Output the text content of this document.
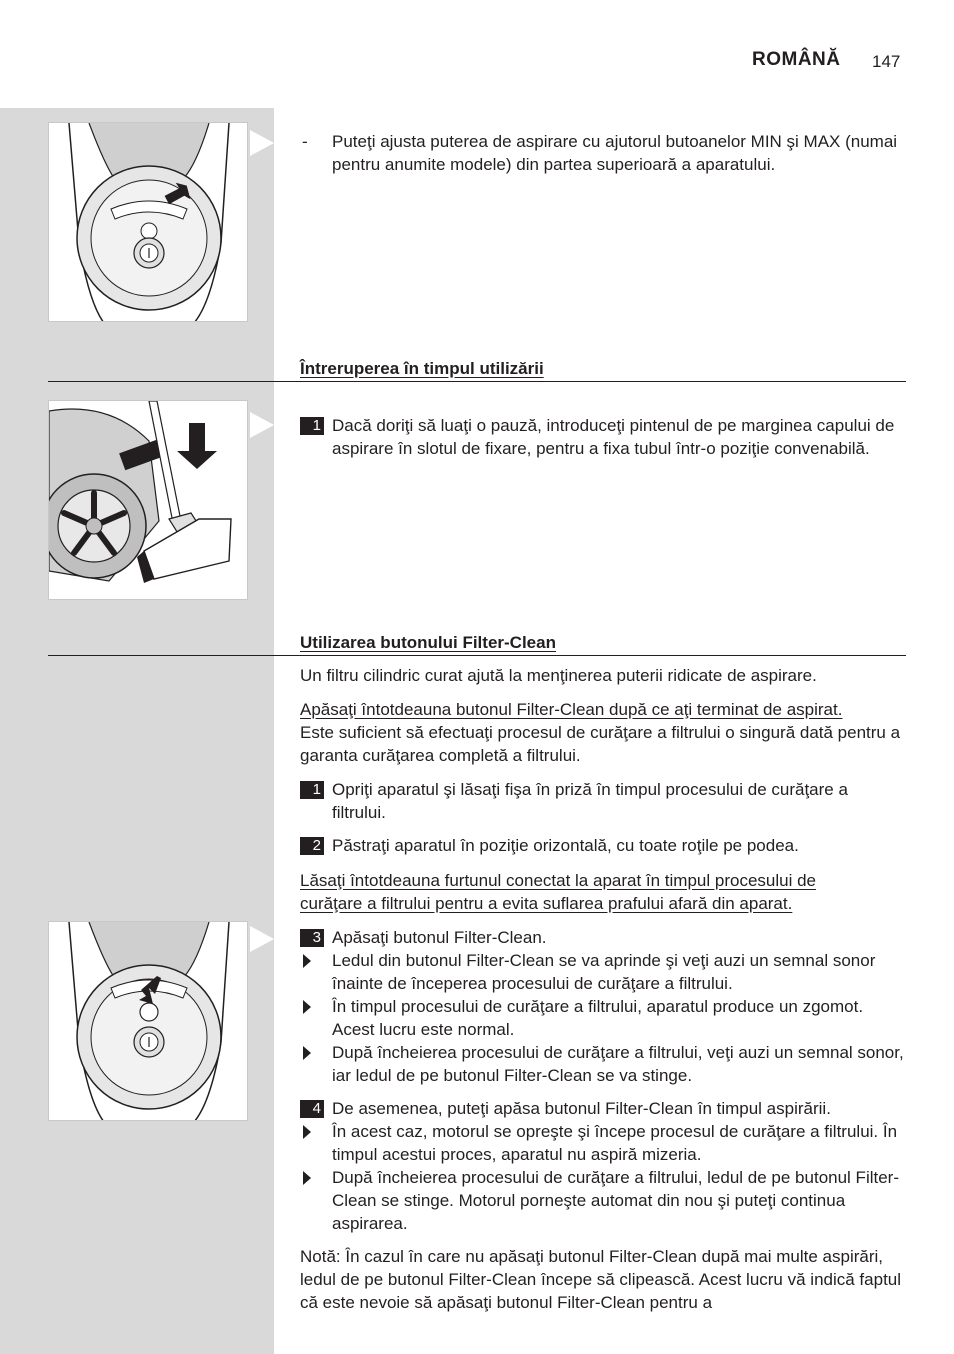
ROMÂNĂ 147
- Puteţi ajusta puterea de aspirare cu ajutorul butoanelor MIN şi MAX (numai pentru anumite modele) din partea superioară a aparatului.

Întreruperea în timpul utilizării
1 Dacă doriţi să luaţi o pauză, introduceţi pintenul de pe marginea capului de aspirare în slotul de fixare, pentru a fixa tubul într-o poziţie convenabilă.

Utilizarea butonului Filter-Clean

Un filtru cilindric curat ajută la menţinerea puterii ridicate de aspirare.

Apăsaţi întotdeauna butonul Filter-Clean după ce aţi terminat de aspirat.
Este suficient să efectuaţi procesul de curăţare a filtrului o singură dată pentru a garanta curăţarea completă a filtrului.

1 Opriţi aparatul şi lăsaţi fişa în priză în timpul procesului de curăţare a filtrului.

2 Păstraţi aparatul în poziţie orizontală, cu toate roţile pe podea.

Lăsaţi întotdeauna furtunul conectat la aparat în timpul procesului de curăţare a filtrului pentru a evita suflarea prafului afară din aparat.

3 Apăsaţi butonul Filter-Clean.

Ledul din butonul Filter-Clean se va aprinde şi veţi auzi un semnal sonor înainte de începerea procesului de curăţare a filtrului.

În timpul procesului de curăţare a filtrului, aparatul produce un zgomot. Acest lucru este normal.

După încheierea procesului de curăţare a filtrului, veţi auzi un semnal sonor, iar ledul de pe butonul Filter-Clean se va stinge.

4 De asemenea, puteţi apăsa butonul Filter-Clean în timpul aspirării.

În acest caz, motorul se opreşte şi începe procesul de curăţare a filtrului. În timpul acestui proces, aparatul nu aspiră mizeria.

După încheierea procesului de curăţare a filtrului, ledul de pe butonul Filter-Clean se stinge. Motorul porneşte automat din nou şi puteţi continua aspirarea.

Notă: În cazul în care nu apăsaţi butonul Filter-Clean după mai multe aspirări, ledul de pe butonul Filter-Clean începe să clipească. Acest lucru vă indică faptul că este nevoie să apăsaţi butonul Filter-Clean pentru a
